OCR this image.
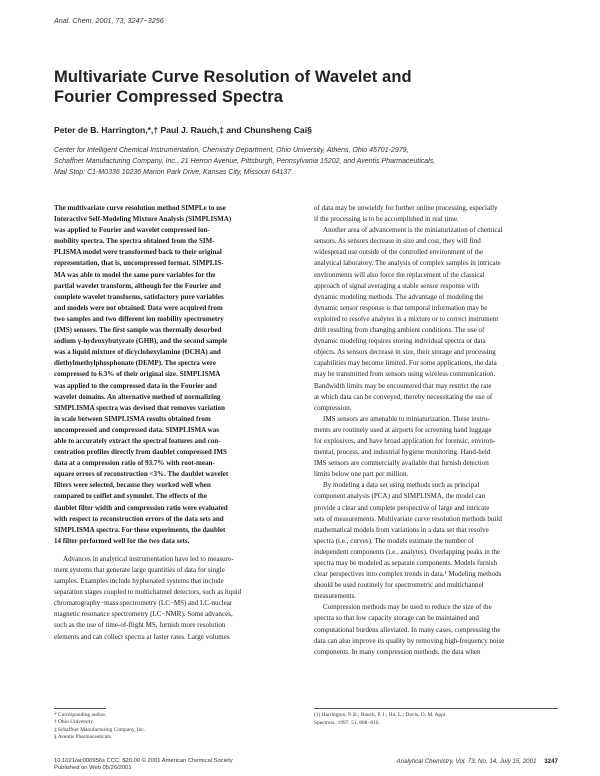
Anal. Chem. 2001, 73, 3247−3256
Multivariate Curve Resolution of Wavelet and
Fourier Compressed Spectra
Peter de B. Harrington,*,† Paul J. Rauch,‡ and Chunsheng Cai§
Center for Intelligent Chemical Instrumentation, Chemistry Department, Ohio University, Athens, Ohio 45701-2979,
Schaffner Manufacturing Company, Inc., 21 Herron Avenue, Pittsburgh, Pennsylvania 15202, and Aventis Pharmaceuticals,
Mail Stop: C1-M0336 10236 Marion Park Drive, Kansas City, Missouri 64137.
The multivariate curve resolution method SIMPLe to use
Interactive Self-Modeling Mixture Analysis (SIMPLISMA)
was applied to Fourier and wavelet compressed ion-
mobility spectra. The spectra obtained from the SIM-
PLISMA model were transformed back to their original
representation, that is, uncompressed format. SIMPLIS-
MA was able to model the same pure variables for the
partial wavelet transform, although for the Fourier and
complete wavelet transforms, satisfactory pure variables
and models were not obtained. Data were acquired from
two samples and two different ion mobility spectrometry
(IMS) sensors. The first sample was thermally desorbed
sodium γ-hydroxybutyrate (GHB), and the second sample
was a liquid mixture of dicyclohexylamine (DCHA) and
diethylmethylphosphonate (DEMP). The spectra were
compressed to 6.3% of their original size. SIMPLISMA
was applied to the compressed data in the Fourier and
wavelet domains. An alternative method of normalizing
SIMPLISMA spectra was devised that removes variation
in scale between SIMPLISMA results obtained from
uncompressed and compressed data. SIMPLISMA was
able to accurately extract the spectral features and con-
centration profiles directly from daublet compressed IMS
data at a compression ratio of 93.7% with root-mean-
square errors of reconstruction <3%. The daublet wavelet
filters were selected, because they worked well when
compared to coiflet and symmlet. The effects of the
daublet filter width and compression ratio were evaluated
with respect to reconstruction errors of the data sets and
SIMPLISMA spectra. For these experiments, the daublet
14 filter performed well for the two data sets.
Advances in analytical instrumentation have led to measure-
ment systems that generate large quantities of data for single
samples. Examples include hyphenated systems that include
separation stages coupled to multichannel detectors, such as liquid
chromatography−mass spectrometry (LC−MS) and LC-nuclear
magnetic resonance spectrometry (LC−NMR). Some advances,
such as the use of time-of-flight MS, furnish more resolution
elements and can collect spectra at faster rates. Large volumes
of data may be unwieldy for further online processing, especially
if the processing is to be accomplished in real time.
Another area of advancement is the miniaturization of chemical
sensors. As sensors decrease in size and cost, they will find
widespread use outside of the controlled environment of the
analytical laboratory. The analysis of complex samples in intricate
environments will also force the replacement of the classical
approach of signal averaging a stable sensor response with
dynamic modeling methods. The advantage of modeling the
dynamic sensor response is that temporal information may be
exploited to resolve analytes in a mixture or to correct instrument
drift resulting from changing ambient conditions. The use of
dynamic modeling requires storing individual spectra or data
objects. As sensors decrease in size, their storage and processing
capabilities may become limited. For some applications, the data
may be transmitted from sensors using wireless communication.
Bandwidth limits may be encountered that may restrict the rate
at which data can be conveyed, thereby necessitating the use of
compression.
IMS sensors are amenable to miniaturization. These instru-
ments are routinely used at airports for screening hand luggage
for explosives, and have broad application for forensic, environ-
mental, process, and industrial hygiene monitoring. Hand-held
IMS sensors are commercially available that furnish detection
limits below one part per million.
By modeling a data set using methods such as principal
component analysis (PCA) and SIMPLISMA, the model can
provide a clear and complete perspective of large and intricate
sets of measurements. Multivariate curve resolution methods build
mathematical models from variations in a data set that resolve
spectra (i.e., curves). The models estimate the number of
independent components (i.e., analytes). Overlapping peaks in the
spectra may be modeled as separate components. Models furnish
clear perspectives into complex trends in data.¹ Modeling methods
should be used routinely for spectrometric and multichannel
measurements.
Compression methods may be used to reduce the size of the
spectra so that low capacity storage can be maintained and
computational burdens alleviated. In many cases, compressing the
data can also improve its quality by removing high-frequency noise
components. In many compression methods, the data when
* Corresponding author.
† Ohio University.
‡ Schaffner Manufacturing Company, Inc.
§ Aventis Pharmaceuticals.
(1) Harrington, P. B.; Rauch, P. J.; Hu, L.; Davis, D. M. Appl.
Spectrosc. 1997, 51, 808−816.
10.1021/ac000956s CCC: $20.00 © 2001 American Chemical Society
Published on Web 05/26/2001
Analytical Chemistry, Vol. 73, No. 14, July 15, 2001 3247
